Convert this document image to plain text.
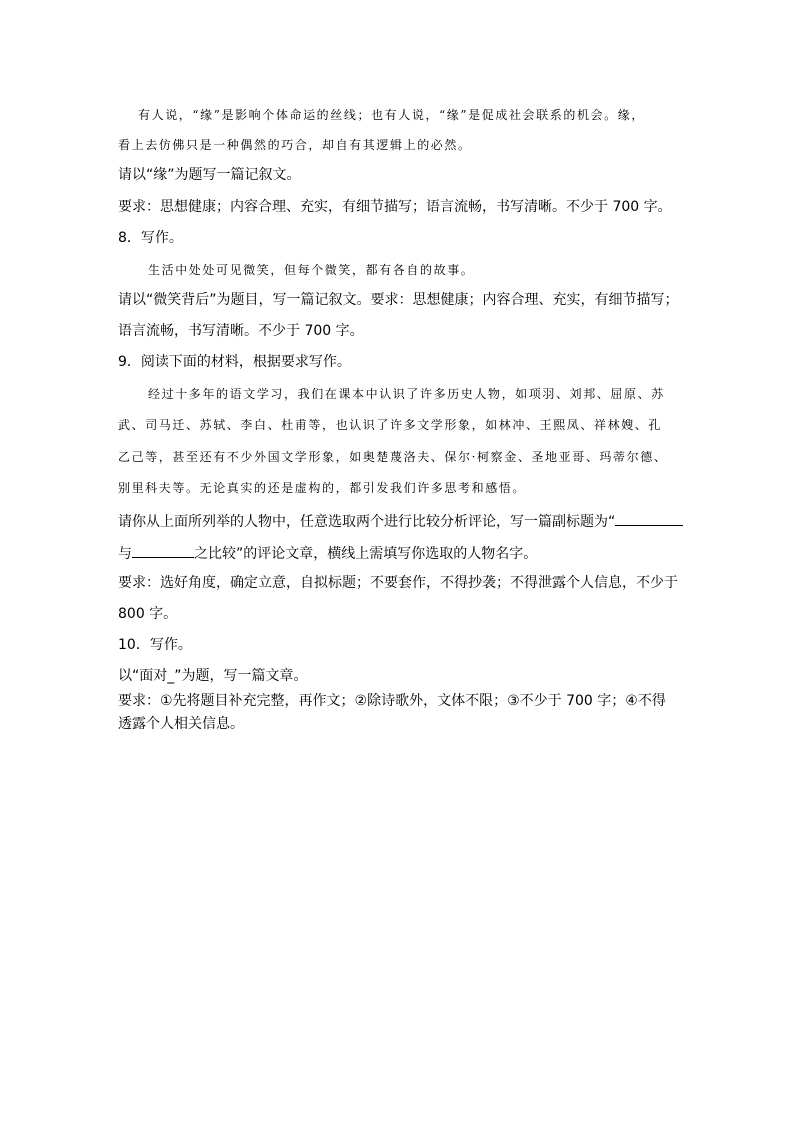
有人说，“缘”是影响个体命运的丝线；也有人说，“缘”是促成社会联系的机会。缘，
看上去仿佛只是一种偶然的巧合，却自有其逻辑上的必然。
请以“缘”为题写一篇记叙文。
要求：思想健康；内容合理、充实，有细节描写；语言流畅，书写清晰。不少于 700 字。
8．写作。
生活中处处可见微笑，但每个微笑，都有各自的故事。
请以“微笑背后”为题目，写一篇记叙文。要求：思想健康；内容合理、充实，有细节描写；
语言流畅，书写清晰。不少于 700 字。
9．阅读下面的材料，根据要求写作。
经过十多年的语文学习，我们在课本中认识了许多历史人物，如项羽、刘邦、屈原、苏
武、司马迁、苏轼、李白、杜甫等，也认识了许多文学形象，如林冲、王熙凤、祥林嫂、孔
乙己等，甚至还有不少外国文学形象，如奥楚蔑洛夫、保尔·柯察金、圣地亚哥、玛蒂尔德、
别里科夫等。无论真实的还是虚构的，都引发我们许多思考和感悟。
请你从上面所列举的人物中，任意选取两个进行比较分析评论，写一篇副标题为“
与	之比较”的评论文章，横线上需填写你选取的人物名字。
要求：选好角度，确定立意，自拟标题；不要套作，不得抄袭；不得泄露个人信息，不少于
800 字。
10．写作。
以“面对_”为题，写一篇文章。
要求：①先将题目补充完整，再作文；②除诗歌外，文体不限；③不少于 700 字；④不得
透露个人相关信息。
